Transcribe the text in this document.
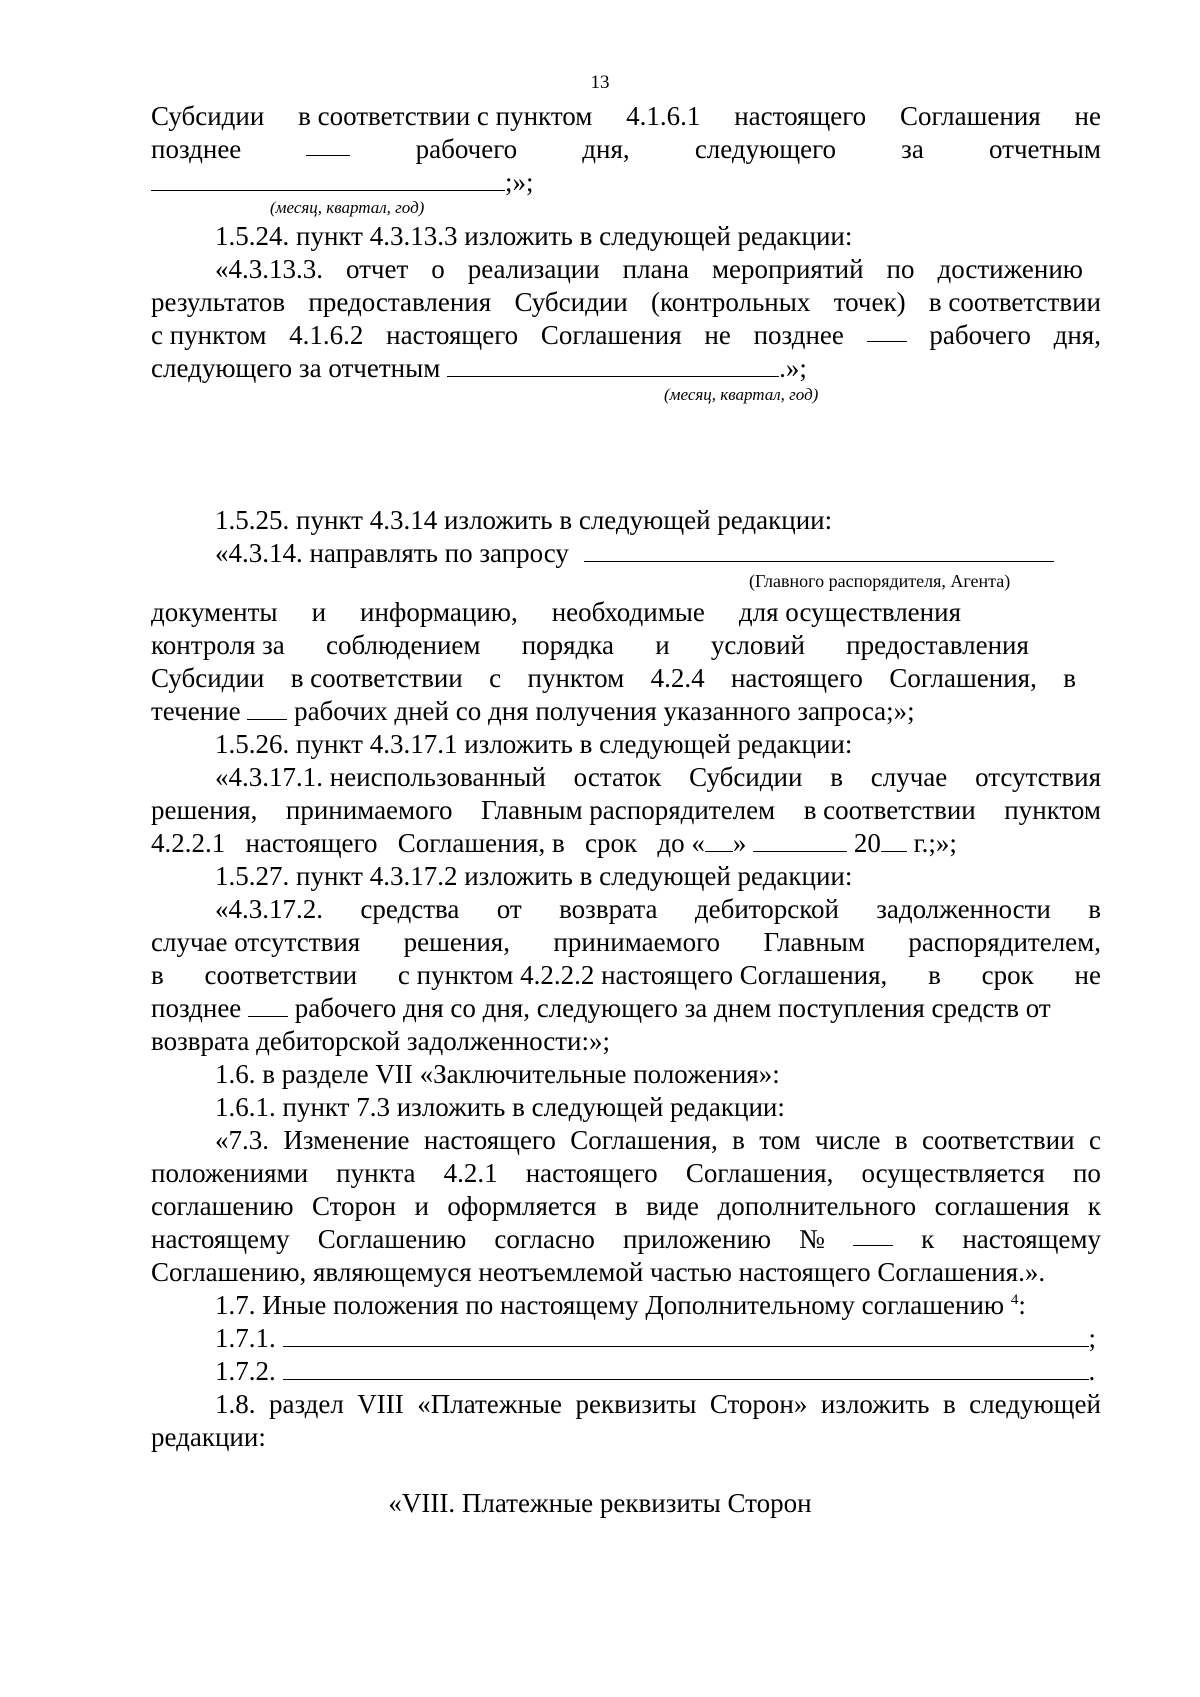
13
Субсидии в соответствии с пунктом 4.1.6.1 настоящего Соглашения не
позднее	рабочего дня, следующего за отчетным
;»;
(месяц, квартал, год)
1.5.24. пункт 4.3.13.3 изложить в следующей редакции:
«4.3.13.3. отчет о реализации плана мероприятий по достижению
результатов предоставления Субсидии (контрольных точек) в соответствии
с пунктом 4.1.6.2 настоящего Соглашения не позднее	рабочего дня,
следующего за отчетным	.»;
(месяц, квартал, год)
1.5.25. пункт 4.3.14 изложить в следующей редакции:
«4.3.14. направлять по запросу
(Главного распорядителя, Агента)
документы и информацию, необходимые для осуществления
контроля за соблюдением порядка и условий предоставления
Субсидии в соответствии с пунктом 4.2.4 настоящего Соглашения, в
течение рабочих дней со дня получения указанного запроса;»;
1.5.26. пункт 4.3.17.1 изложить в следующей редакции:
«4.3.17.1. неиспользованный остаток Субсидии в случае отсутствия
решения, принимаемого Главным распорядителем в соответствии пунктом
4.2.2.1 настоящего Соглашения, в срок до « »	20 г.;»;
1.5.27. пункт 4.3.17.2 изложить в следующей редакции:
«4.3.17.2. средства от возврата дебиторской задолженности в
случае отсутствия решения, принимаемого Главным распорядителем,
в соответствии с пунктом 4.2.2.2 настоящего Соглашения, в срок не
позднее рабочего дня со дня, следующего за днем поступления средств от
возврата дебиторской задолженности:»;
1.6. в разделе VII «Заключительные положения»:
1.6.1. пункт 7.3 изложить в следующей редакции:
«7.3. Изменение настоящего Соглашения, в том числе в соответствии с
положениями пункта 4.2.1 настоящего Соглашения, осуществляется по
соглашению Сторон и оформляется в виде дополнительного соглашения к
настоящему Соглашению согласно приложению №	к настоящему
Соглашению, являющемуся неотъемлемой частью настоящего Соглашения.».
1.7. Иные положения по настоящему Дополнительному соглашению $^4$:
1.7.1.	;
1.7.2.	.
1.8. раздел VIII «Платежные реквизиты Сторон» изложить в следующей
редакции:
«VIII. Платежные реквизиты Сторон
